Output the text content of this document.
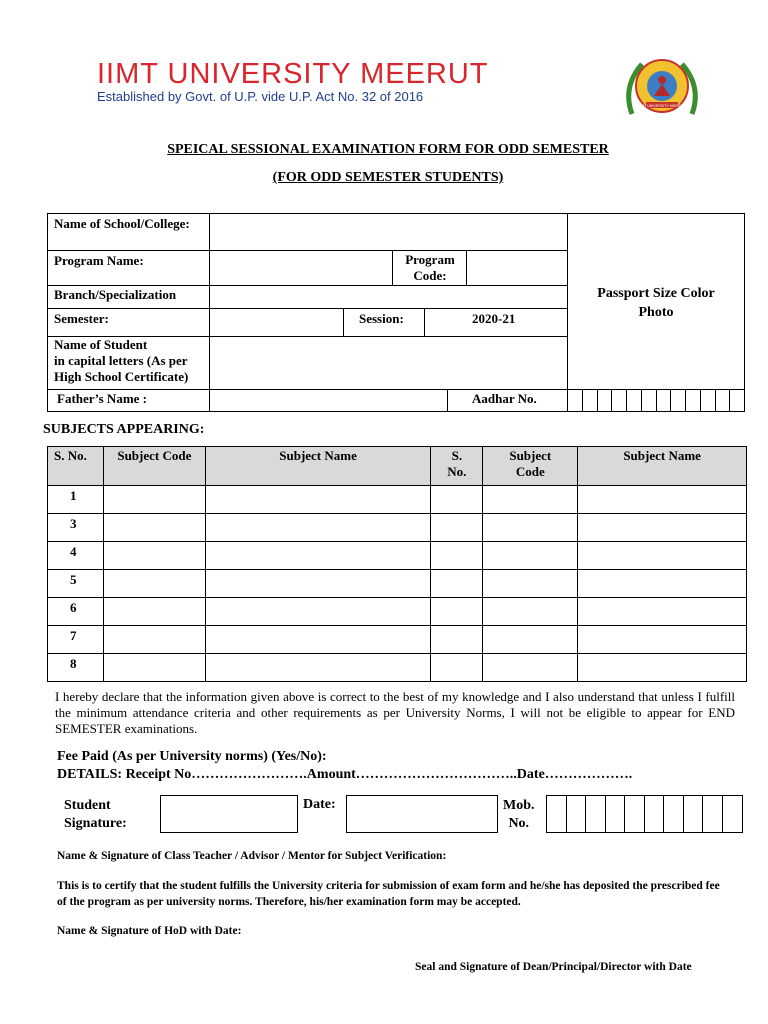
IIMT UNIVERSITY MEERUT
Established by Govt. of U.P. vide U.P. Act No. 32 of 2016
IIMT UNIVERSITY MEERUT
SPEICAL SESSIONAL EXAMINATION FORM FOR ODD SEMESTER
(FOR ODD SEMESTER STUDENTS)
Name of School/College:
Program Name:	Program Code:
Branch/Specialization
Semester:	Session:	2020-21
Name of Student
in capital letters (As per
High School Certificate)
Father’s Name :	Aadhar No.
Passport Size Color Photo
SUBJECTS APPEARING:
S. No.	Subject Code	Subject Name	S. No.	Subject Code	Subject Name
1					
3					
4					
5					
6					
7					
8					
I hereby declare that the information given above is correct to the best of my knowledge and I also understand that unless I fulfill the minimum attendance criteria and other requirements as per University Norms, I will not be eligible to appear for END SEMESTER examinations.
Fee Paid (As per University norms) (Yes/No):
DETAILS: Receipt No…………………….Amount……………………………..Date……………….
Student
Signature:
Date:	Mob.
No.
Name & Signature of Class Teacher / Advisor / Mentor for Subject Verification:
This is to certify that the student fulfills the University criteria for submission of exam form and he/she has deposited the prescribed fee of the program as per university norms. Therefore, his/her examination form may be accepted.
Name & Signature of HoD with Date:
Seal and Signature of Dean/Principal/Director with Date
